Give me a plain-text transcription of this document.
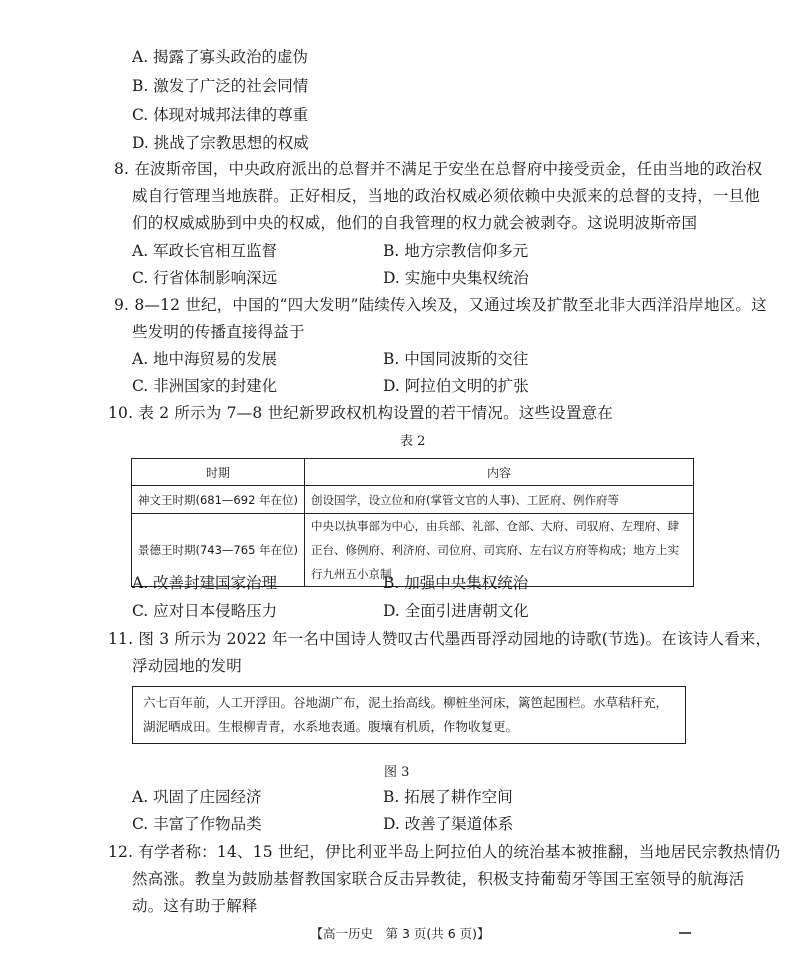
A. 揭露了寡头政治的虚伪
B. 激发了广泛的社会同情
C. 体现对城邦法律的尊重
D. 挑战了宗教思想的权威
8. 在波斯帝国，中央政府派出的总督并不满足于安坐在总督府中接受贡金，任由当地的政治权
威自行管理当地族群。正好相反，当地的政治权威必须依赖中央派来的总督的支持，一旦他
们的权威威胁到中央的权威，他们的自我管理的权力就会被剥夺。这说明波斯帝国
A. 军政长官相互监督	B. 地方宗教信仰多元
C. 行省体制影响深远	D. 实施中央集权统治
9. 8—12 世纪，中国的“四大发明”陆续传入埃及，又通过埃及扩散至北非大西洋沿岸地区。这
些发明的传播直接得益于
A. 地中海贸易的发展	B. 中国同波斯的交往
C. 非洲国家的封建化	D. 阿拉伯文明的扩张
10. 表 2 所示为 7—8 世纪新罗政权机构设置的若干情况。这些设置意在
表 2
时期	内容
神文王时期(681—692 年在位)	创设国学，设立位和府(掌管文官的人事)、工匠府、例作府等
景德王时期(743—765 年在位)	中央以执事部为中心，由兵部、礼部、仓部、大府、司驭府、左理府、肆正台、修例府、利济府、司位府、司宾府、左右议方府等构成；地方上实行九州五小京制
A. 改善封建国家治理	B. 加强中央集权统治
C. 应对日本侵略压力	D. 全面引进唐朝文化
11. 图 3 所示为 2022 年一名中国诗人赞叹古代墨西哥浮动园地的诗歌(节选)。在该诗人看来，
浮动园地的发明
六七百年前，人工开浮田。谷地湖广布，泥土抬高线。柳桩坐河床，篱笆起围栏。水草秸秆充，湖泥晒成田。生根柳青青，水系地表通。腹壤有机质，作物收复更。
图 3
A. 巩固了庄园经济	B. 拓展了耕作空间
C. 丰富了作物品类	D. 改善了渠道体系
12. 有学者称：14、15 世纪，伊比利亚半岛上阿拉伯人的统治基本被推翻，当地居民宗教热情仍
然高涨。教皇为鼓励基督教国家联合反击异教徒，积极支持葡萄牙等国王室领导的航海活
动。这有助于解释
【高一历史　第 3 页(共 6 页)】
